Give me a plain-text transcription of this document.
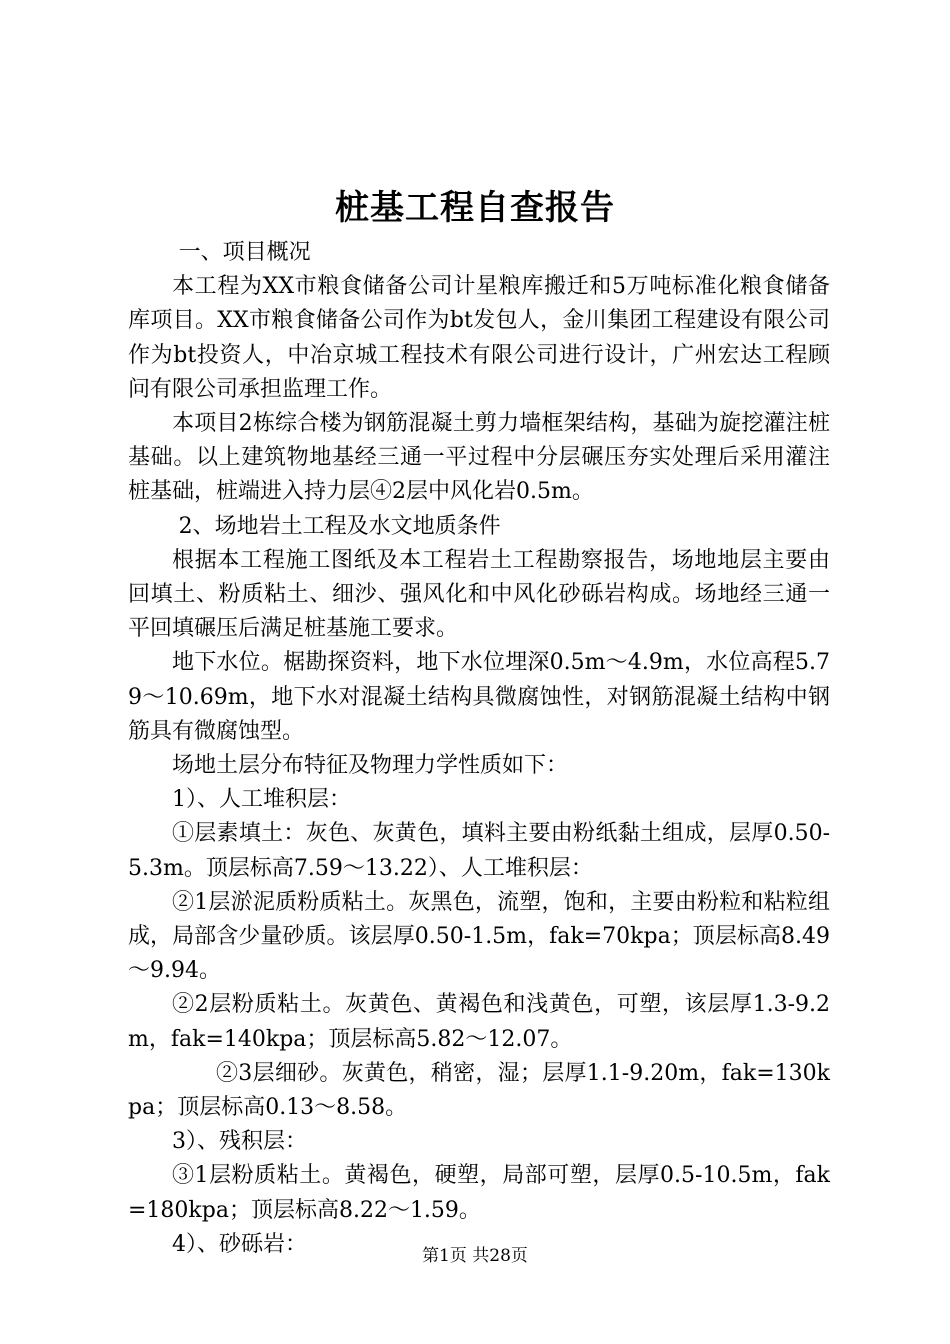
桩基工程自查报告

一、项目概况

本工程为XX市粮食储备公司计星粮库搬迁和5万吨标准化粮食储备库项目。XX市粮食储备公司作为bt发包人，金川集团工程建设有限公司作为bt投资人，中冶京城工程技术有限公司进行设计，广州宏达工程顾问有限公司承担监理工作。

本项目2栋综合楼为钢筋混凝土剪力墙框架结构，基础为旋挖灌注桩基础。以上建筑物地基经三通一平过程中分层碾压夯实处理后采用灌注桩基础，桩端进入持力层④2层中风化岩0.5m。

2、场地岩土工程及水文地质条件

根据本工程施工图纸及本工程岩土工程勘察报告，场地地层主要由回填土、粉质粘土、细沙、强风化和中风化砂砾岩构成。场地经三通一平回填碾压后满足桩基施工要求。

地下水位。椐勘探资料，地下水位埋深0.5m～4.9m，水位高程5.79～10.69m，地下水对混凝土结构具微腐蚀性，对钢筋混凝土结构中钢筋具有微腐蚀型。

场地土层分布特征及物理力学性质如下：

1）、人工堆积层：

①层素填土：灰色、灰黄色，填料主要由粉纸黏土组成，层厚0.50-5.3m。顶层标高7.59～13.22）、人工堆积层：

②1层淤泥质粉质粘土。灰黑色，流塑，饱和，主要由粉粒和粘粒组成，局部含少量砂质。该层厚0.50-1.5m，fak=70kpa；顶层标高8.49～9.94。

②2层粉质粘土。灰黄色、黄褐色和浅黄色，可塑，该层厚1.3-9.2m，fak=140kpa；顶层标高5.82～12.07。

②3层细砂。灰黄色，稍密，湿；层厚1.1-9.20m，fak=130kpa；顶层标高0.13～8.58。

3）、残积层：

③1层粉质粘土。黄褐色，硬塑，局部可塑，层厚0.5-10.5m，fak=180kpa；顶层标高8.22～1.59。

4）、砂砾岩：	第1页 共28页
